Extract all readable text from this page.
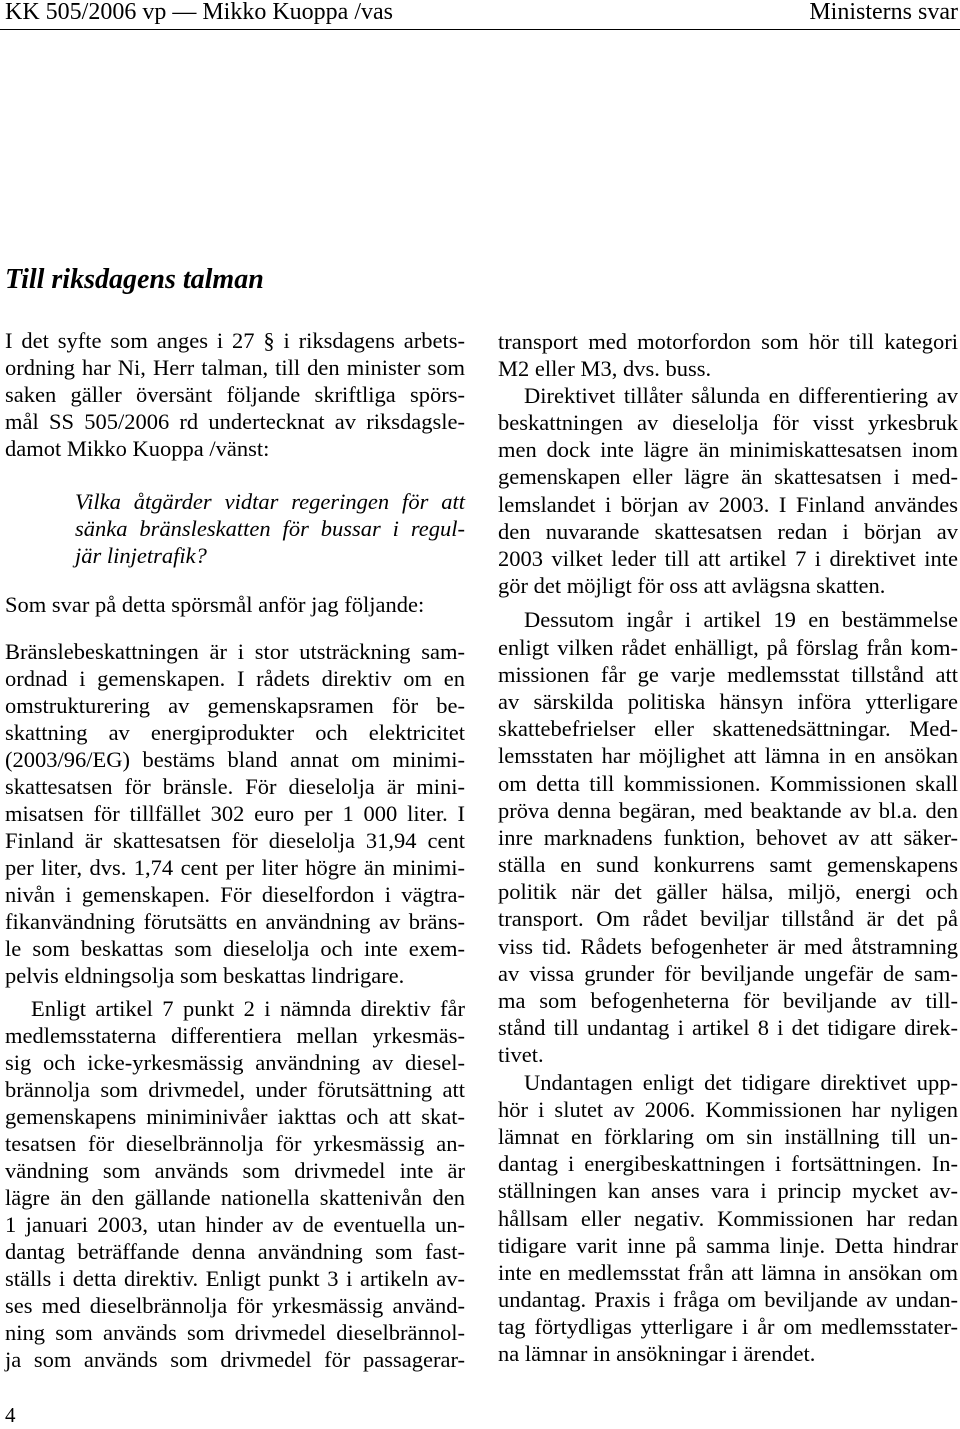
KK 505/2006 vp — Mikko Kuoppa /vas	Ministerns svar
Till riksdagens talman
I det syfte som anges i 27 § i riksdagens arbets-
ordning har Ni, Herr talman, till den minister som
saken gäller översänt följande skriftliga spörs-
mål SS 505/2006 rd undertecknat av riksdagsle-
damot Mikko Kuoppa /vänst:
Vilka åtgärder vidtar regeringen för att
sänka bränsleskatten för bussar i regul-
jär linjetrafik?
Som svar på detta spörsmål anför jag följande:
Bränslebeskattningen är i stor utsträckning sam-
ordnad i gemenskapen. I rådets direktiv om en
omstrukturering av gemenskapsramen för be-
skattning av energiprodukter och elektricitet
(2003/96/EG) bestäms bland annat om minimi-
skattesatsen för bränsle. För dieselolja är mini-
misatsen för tillfället 302 euro per 1 000 liter. I
Finland är skattesatsen för dieselolja 31,94 cent
per liter, dvs. 1,74 cent per liter högre än minimi-
nivån i gemenskapen. För dieselfordon i vägtra-
fikanvändning förutsätts en användning av bräns-
le som beskattas som dieselolja och inte exem-
pelvis eldningsolja som beskattas lindrigare.
Enligt artikel 7 punkt 2 i nämnda direktiv får
medlemsstaterna differentiera mellan yrkesmäs-
sig och icke-yrkesmässig användning av diesel-
brännolja som drivmedel, under förutsättning att
gemenskapens miniminivåer iakttas och att skat-
tesatsen för dieselbrännolja för yrkesmässig an-
vändning som används som drivmedel inte är
lägre än den gällande nationella skattenivån den
1 januari 2003, utan hinder av de eventuella un-
dantag beträffande denna användning som fast-
ställs i detta direktiv. Enligt punkt 3 i artikeln av-
ses med dieselbrännolja för yrkesmässig använd-
ning som används som drivmedel dieselbrännol-
ja som används som drivmedel för passagerar-
transport med motorfordon som hör till kategori
M2 eller M3, dvs. buss.
Direktivet tillåter sålunda en differentiering av
beskattningen av dieselolja för visst yrkesbruk
men dock inte lägre än minimiskattesatsen inom
gemenskapen eller lägre än skattesatsen i med-
lemslandet i början av 2003. I Finland användes
den nuvarande skattesatsen redan i början av
2003 vilket leder till att artikel 7 i direktivet inte
gör det möjligt för oss att avlägsna skatten.
Dessutom ingår i artikel 19 en bestämmelse
enligt vilken rådet enhälligt, på förslag från kom-
missionen får ge varje medlemsstat tillstånd att
av särskilda politiska hänsyn införa ytterligare
skattebefrielser eller skattenedsättningar. Med-
lemsstaten har möjlighet att lämna in en ansökan
om detta till kommissionen. Kommissionen skall
pröva denna begäran, med beaktande av bl.a. den
inre marknadens funktion, behovet av att säker-
ställa en sund konkurrens samt gemenskapens
politik när det gäller hälsa, miljö, energi och
transport. Om rådet beviljar tillstånd är det på
viss tid. Rådets befogenheter är med åtstramning
av vissa grunder för beviljande ungefär de sam-
ma som befogenheterna för beviljande av till-
stånd till undantag i artikel 8 i det tidigare direk-
tivet.
Undantagen enligt det tidigare direktivet upp-
hör i slutet av 2006. Kommissionen har nyligen
lämnat en förklaring om sin inställning till un-
dantag i energibeskattningen i fortsättningen. In-
ställningen kan anses vara i princip mycket av-
hållsam eller negativ. Kommissionen har redan
tidigare varit inne på samma linje. Detta hindrar
inte en medlemsstat från att lämna in ansökan om
undantag. Praxis i fråga om beviljande av undan-
tag förtydligas ytterligare i år om medlemsstater-
na lämnar in ansökningar i ärendet.
4
